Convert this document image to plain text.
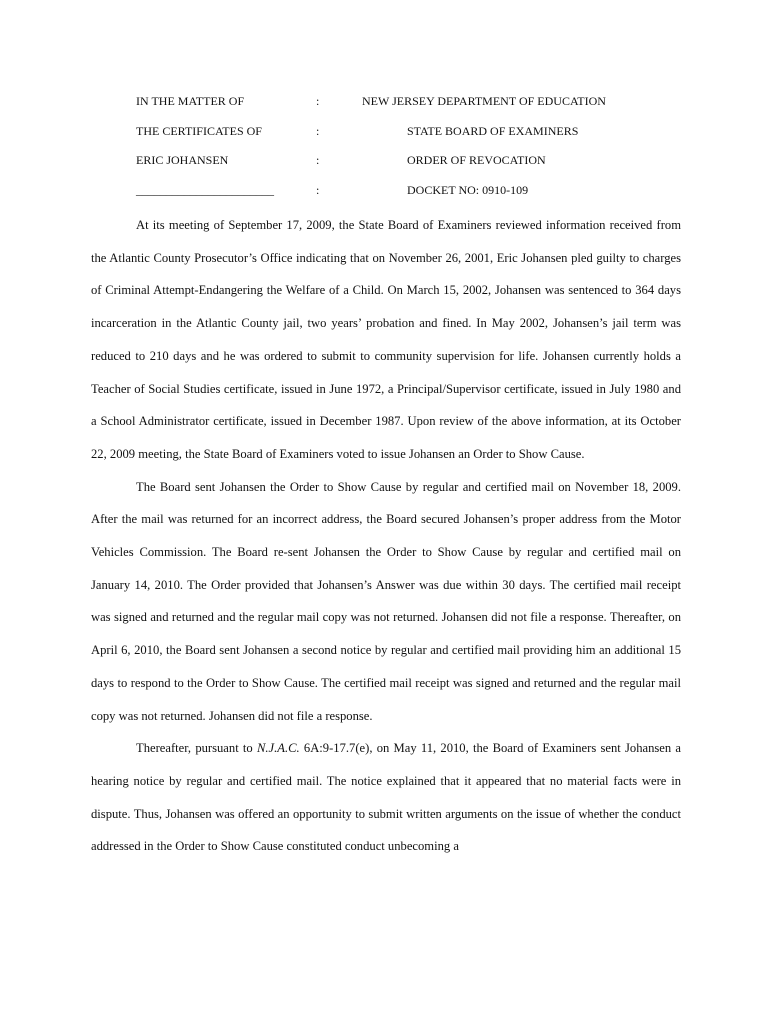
IN THE MATTER OF	:	NEW JERSEY DEPARTMENT OF EDUCATION
THE CERTIFICATES OF	:	STATE BOARD OF EXAMINERS
ERIC JOHANSEN	:	ORDER OF REVOCATION
_______________________	:	DOCKET NO: 0910-109

At its meeting of September 17, 2009, the State Board of Examiners reviewed information received from the Atlantic County Prosecutor’s Office indicating that on November 26, 2001, Eric Johansen pled guilty to charges of Criminal Attempt-Endangering the Welfare of a Child. On March 15, 2002, Johansen was sentenced to 364 days incarceration in the Atlantic County jail, two years’ probation and fined. In May 2002, Johansen’s jail term was reduced to 210 days and he was ordered to submit to community supervision for life. Johansen currently holds a Teacher of Social Studies certificate, issued in June 1972, a Principal/Supervisor certificate, issued in July 1980 and a School Administrator certificate, issued in December 1987. Upon review of the above information, at its October 22, 2009 meeting, the State Board of Examiners voted to issue Johansen an Order to Show Cause.

The Board sent Johansen the Order to Show Cause by regular and certified mail on November 18, 2009. After the mail was returned for an incorrect address, the Board secured Johansen’s proper address from the Motor Vehicles Commission. The Board re-sent Johansen the Order to Show Cause by regular and certified mail on January 14, 2010. The Order provided that Johansen’s Answer was due within 30 days. The certified mail receipt was signed and returned and the regular mail copy was not returned. Johansen did not file a response. Thereafter, on April 6, 2010, the Board sent Johansen a second notice by regular and certified mail providing him an additional 15 days to respond to the Order to Show Cause. The certified mail receipt was signed and returned and the regular mail copy was not returned. Johansen did not file a response.

Thereafter, pursuant to N.J.A.C. 6A:9-17.7(e), on May 11, 2010, the Board of Examiners sent Johansen a hearing notice by regular and certified mail. The notice explained that it appeared that no material facts were in dispute. Thus, Johansen was offered an opportunity to submit written arguments on the issue of whether the conduct addressed in the Order to Show Cause constituted conduct unbecoming a
